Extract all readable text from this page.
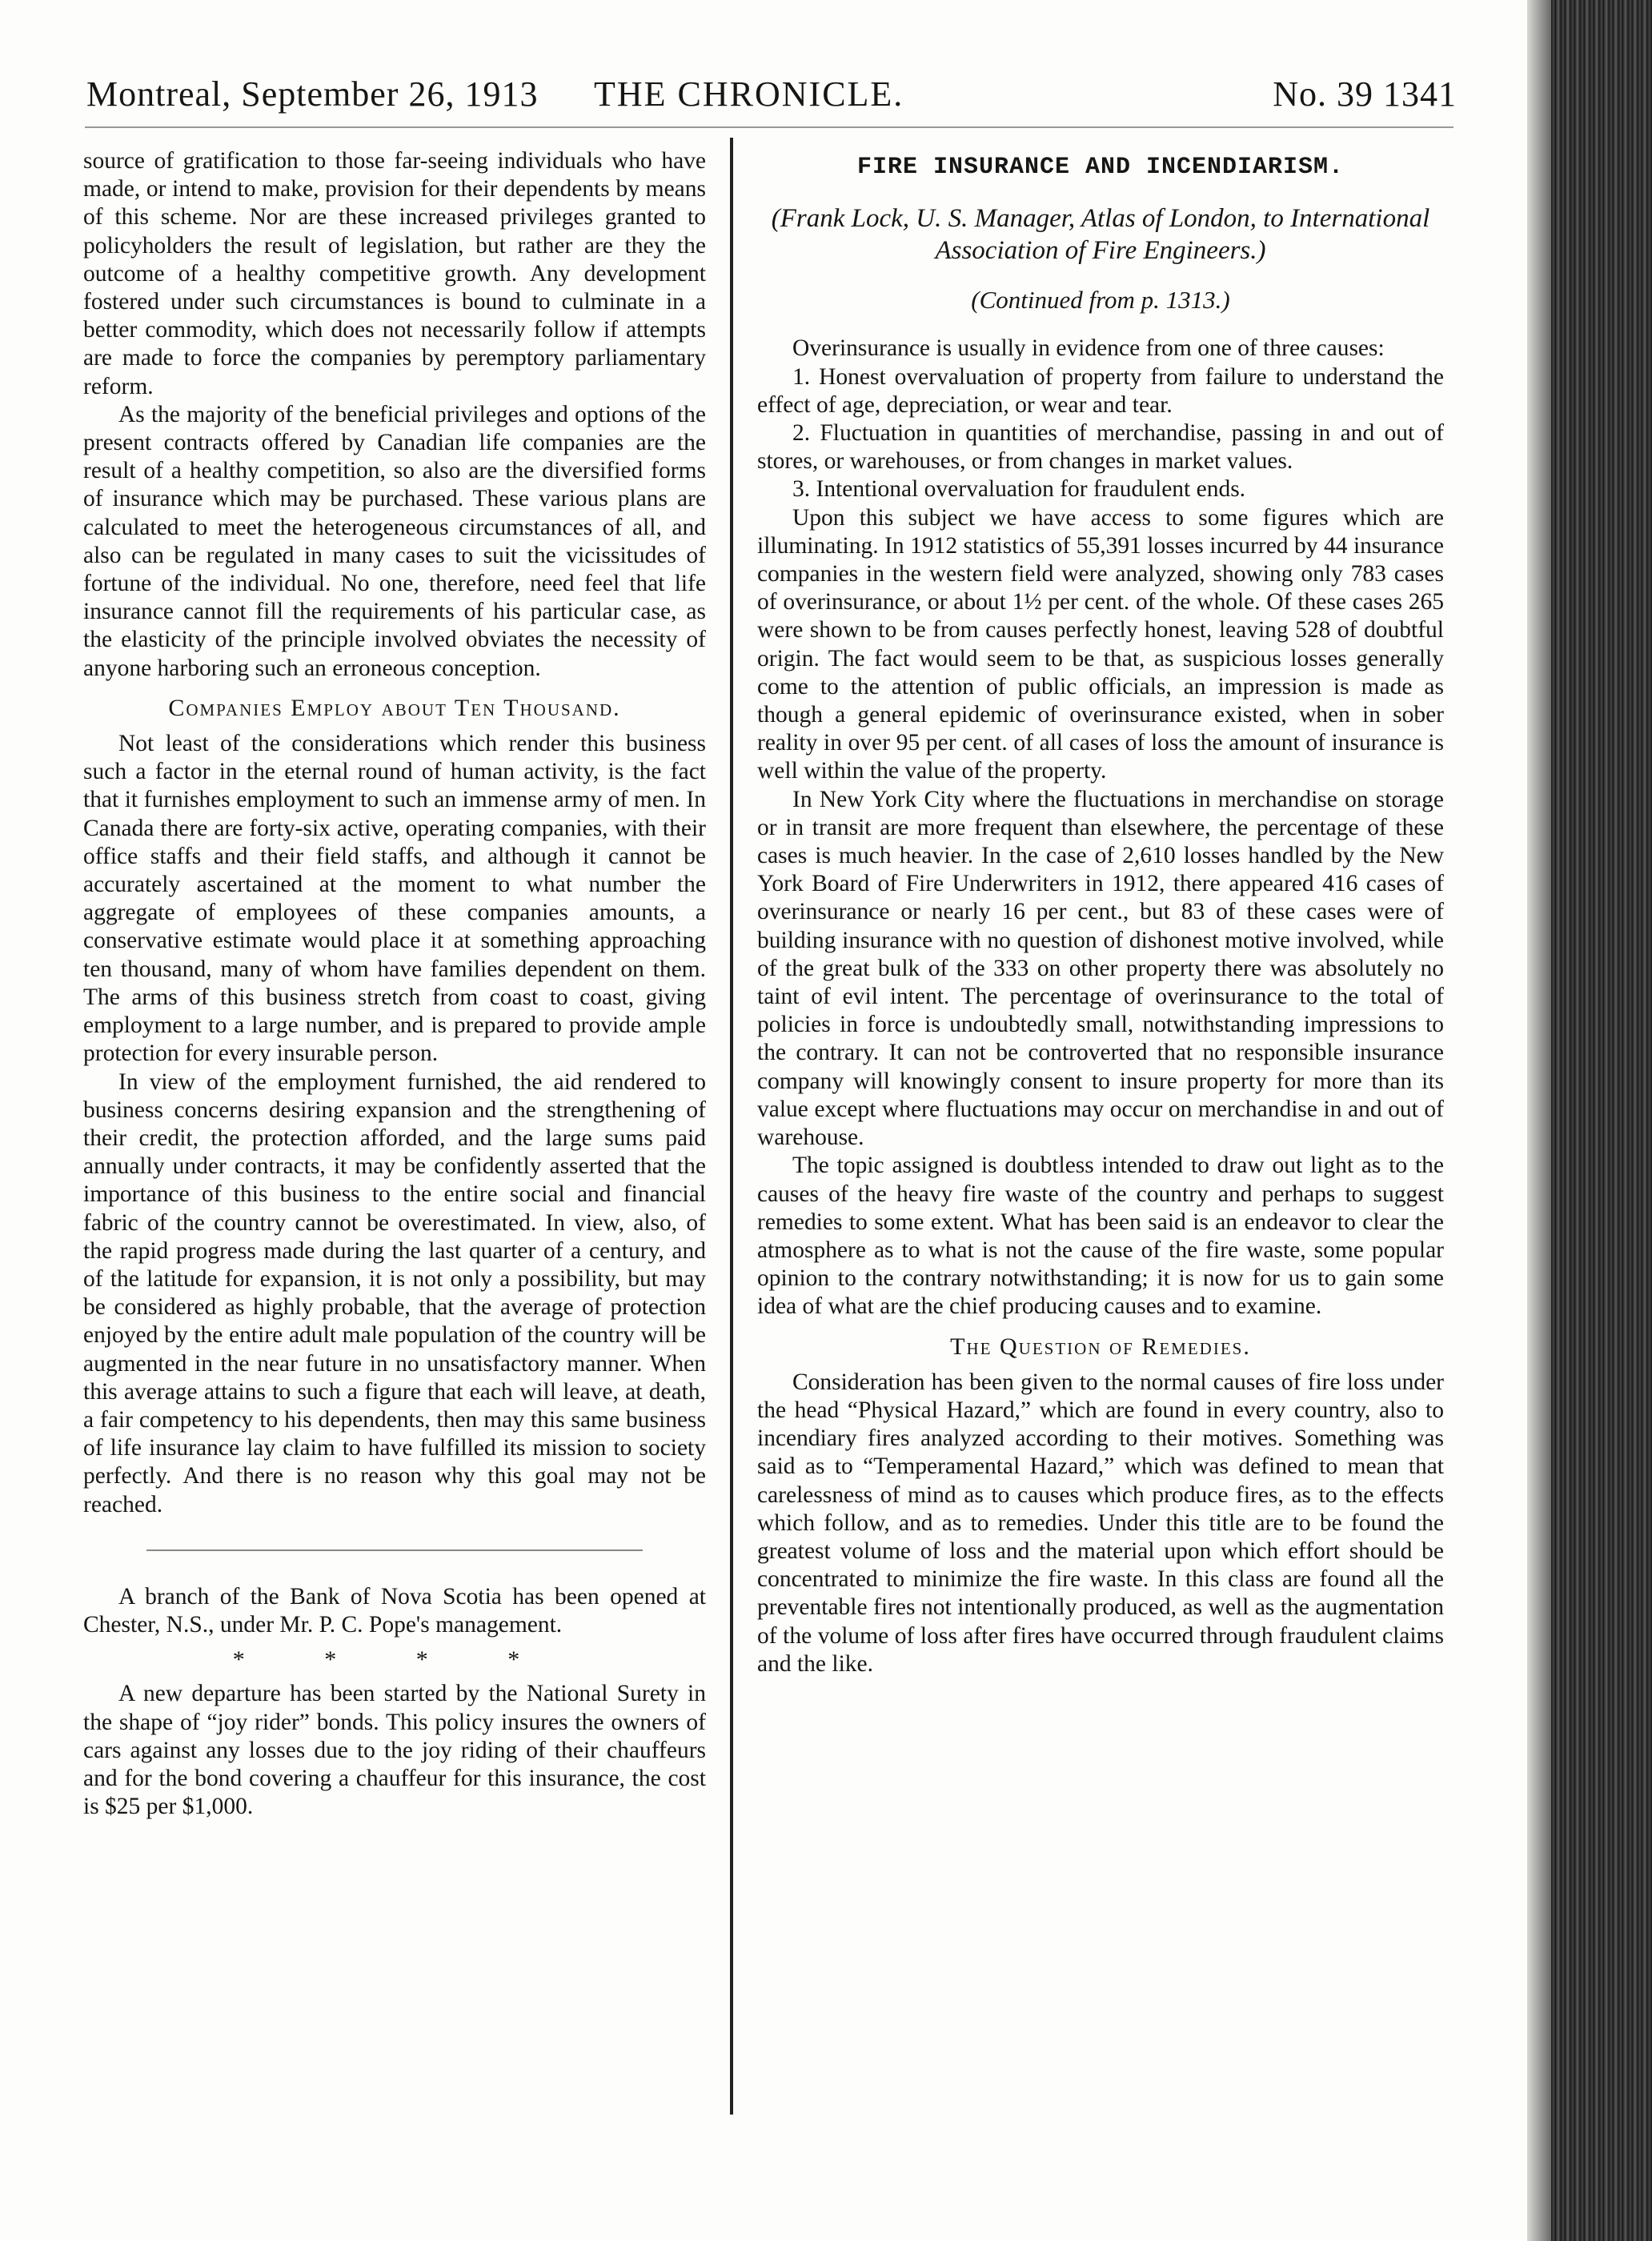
Montreal, September 26, 1913 THE CHRONICLE.	No. 39 1341

source of gratification to those far-seeing individuals who have made, or intend to make, provision for their dependents by means of this scheme. Nor are these increased privileges granted to policyholders the result of legislation, but rather are they the outcome of a healthy competitive growth. Any development fostered under such circumstances is bound to culminate in a better commodity, which does not necessarily follow if attempts are made to force the companies by peremptory parliamentary reform.

As the majority of the beneficial privileges and options of the present contracts offered by Canadian life companies are the result of a healthy competition, so also are the diversified forms of insurance which may be purchased. These various plans are calculated to meet the heterogeneous circumstances of all, and also can be regulated in many cases to suit the vicissitudes of fortune of the individual. No one, therefore, need feel that life insurance cannot fill the requirements of his particular case, as the elasticity of the principle involved obviates the necessity of anyone harboring such an erroneous conception.

Companies Employ about Ten Thousand.

Not least of the considerations which render this business such a factor in the eternal round of human activity, is the fact that it furnishes employment to such an immense army of men. In Canada there are forty-six active, operating companies, with their office staffs and their field staffs, and although it cannot be accurately ascertained at the moment to what number the aggregate of employees of these companies amounts, a conservative estimate would place it at something approaching ten thousand, many of whom have families dependent on them. The arms of this business stretch from coast to coast, giving employment to a large number, and is prepared to provide ample protection for every insurable person.

In view of the employment furnished, the aid rendered to business concerns desiring expansion and the strengthening of their credit, the protection afforded, and the large sums paid annually under contracts, it may be confidently asserted that the importance of this business to the entire social and financial fabric of the country cannot be overestimated. In view, also, of the rapid progress made during the last quarter of a century, and of the latitude for expansion, it is not only a possibility, but may be considered as highly probable, that the average of protection enjoyed by the entire adult male population of the country will be augmented in the near future in no unsatisfactory manner. When this average attains to such a figure that each will leave, at death, a fair competency to his dependents, then may this same business of life insurance lay claim to have fulfilled its mission to society perfectly. And there is no reason why this goal may not be reached.

A branch of the Bank of Nova Scotia has been opened at Chester, N.S., under Mr. P. C. Pope's management.

* * * *

A new departure has been started by the National Surety in the shape of “joy rider” bonds. This policy insures the owners of cars against any losses due to the joy riding of their chauffeurs and for the bond covering a chauffeur for this insurance, the cost is $25 per $1,000.

FIRE INSURANCE AND INCENDIARISM.
(Frank Lock, U. S. Manager, Atlas of London, to International Association of Fire Engineers.)
(Continued from p. 1313.)

Overinsurance is usually in evidence from one of three causes:

1. Honest overvaluation of property from failure to understand the effect of age, depreciation, or wear and tear.

2. Fluctuation in quantities of merchandise, passing in and out of stores, or warehouses, or from changes in market values.

3. Intentional overvaluation for fraudulent ends.

Upon this subject we have access to some figures which are illuminating. In 1912 statistics of 55,391 losses incurred by 44 insurance companies in the western field were analyzed, showing only 783 cases of overinsurance, or about 1½ per cent. of the whole. Of these cases 265 were shown to be from causes perfectly honest, leaving 528 of doubtful origin. The fact would seem to be that, as suspicious losses generally come to the attention of public officials, an impression is made as though a general epidemic of overinsurance existed, when in sober reality in over 95 per cent. of all cases of loss the amount of insurance is well within the value of the property.

In New York City where the fluctuations in merchandise on storage or in transit are more frequent than elsewhere, the percentage of these cases is much heavier. In the case of 2,610 losses handled by the New York Board of Fire Underwriters in 1912, there appeared 416 cases of overinsurance or nearly 16 per cent., but 83 of these cases were of building insurance with no question of dishonest motive involved, while of the great bulk of the 333 on other property there was absolutely no taint of evil intent. The percentage of overinsurance to the total of policies in force is undoubtedly small, notwithstanding impressions to the contrary. It can not be controverted that no responsible insurance company will knowingly consent to insure property for more than its value except where fluctuations may occur on merchandise in and out of warehouse.

The topic assigned is doubtless intended to draw out light as to the causes of the heavy fire waste of the country and perhaps to suggest remedies to some extent. What has been said is an endeavor to clear the atmosphere as to what is not the cause of the fire waste, some popular opinion to the contrary notwithstanding; it is now for us to gain some idea of what are the chief producing causes and to examine.

The Question of Remedies.

Consideration has been given to the normal causes of fire loss under the head “Physical Hazard,” which are found in every country, also to incendiary fires analyzed according to their motives. Something was said as to “Temperamental Hazard,” which was defined to mean that carelessness of mind as to causes which produce fires, as to the effects which follow, and as to remedies. Under this title are to be found the greatest volume of loss and the material upon which effort should be concentrated to minimize the fire waste. In this class are found all the preventable fires not intentionally produced, as well as the augmentation of the volume of loss after fires have occurred through fraudulent claims and the like.
